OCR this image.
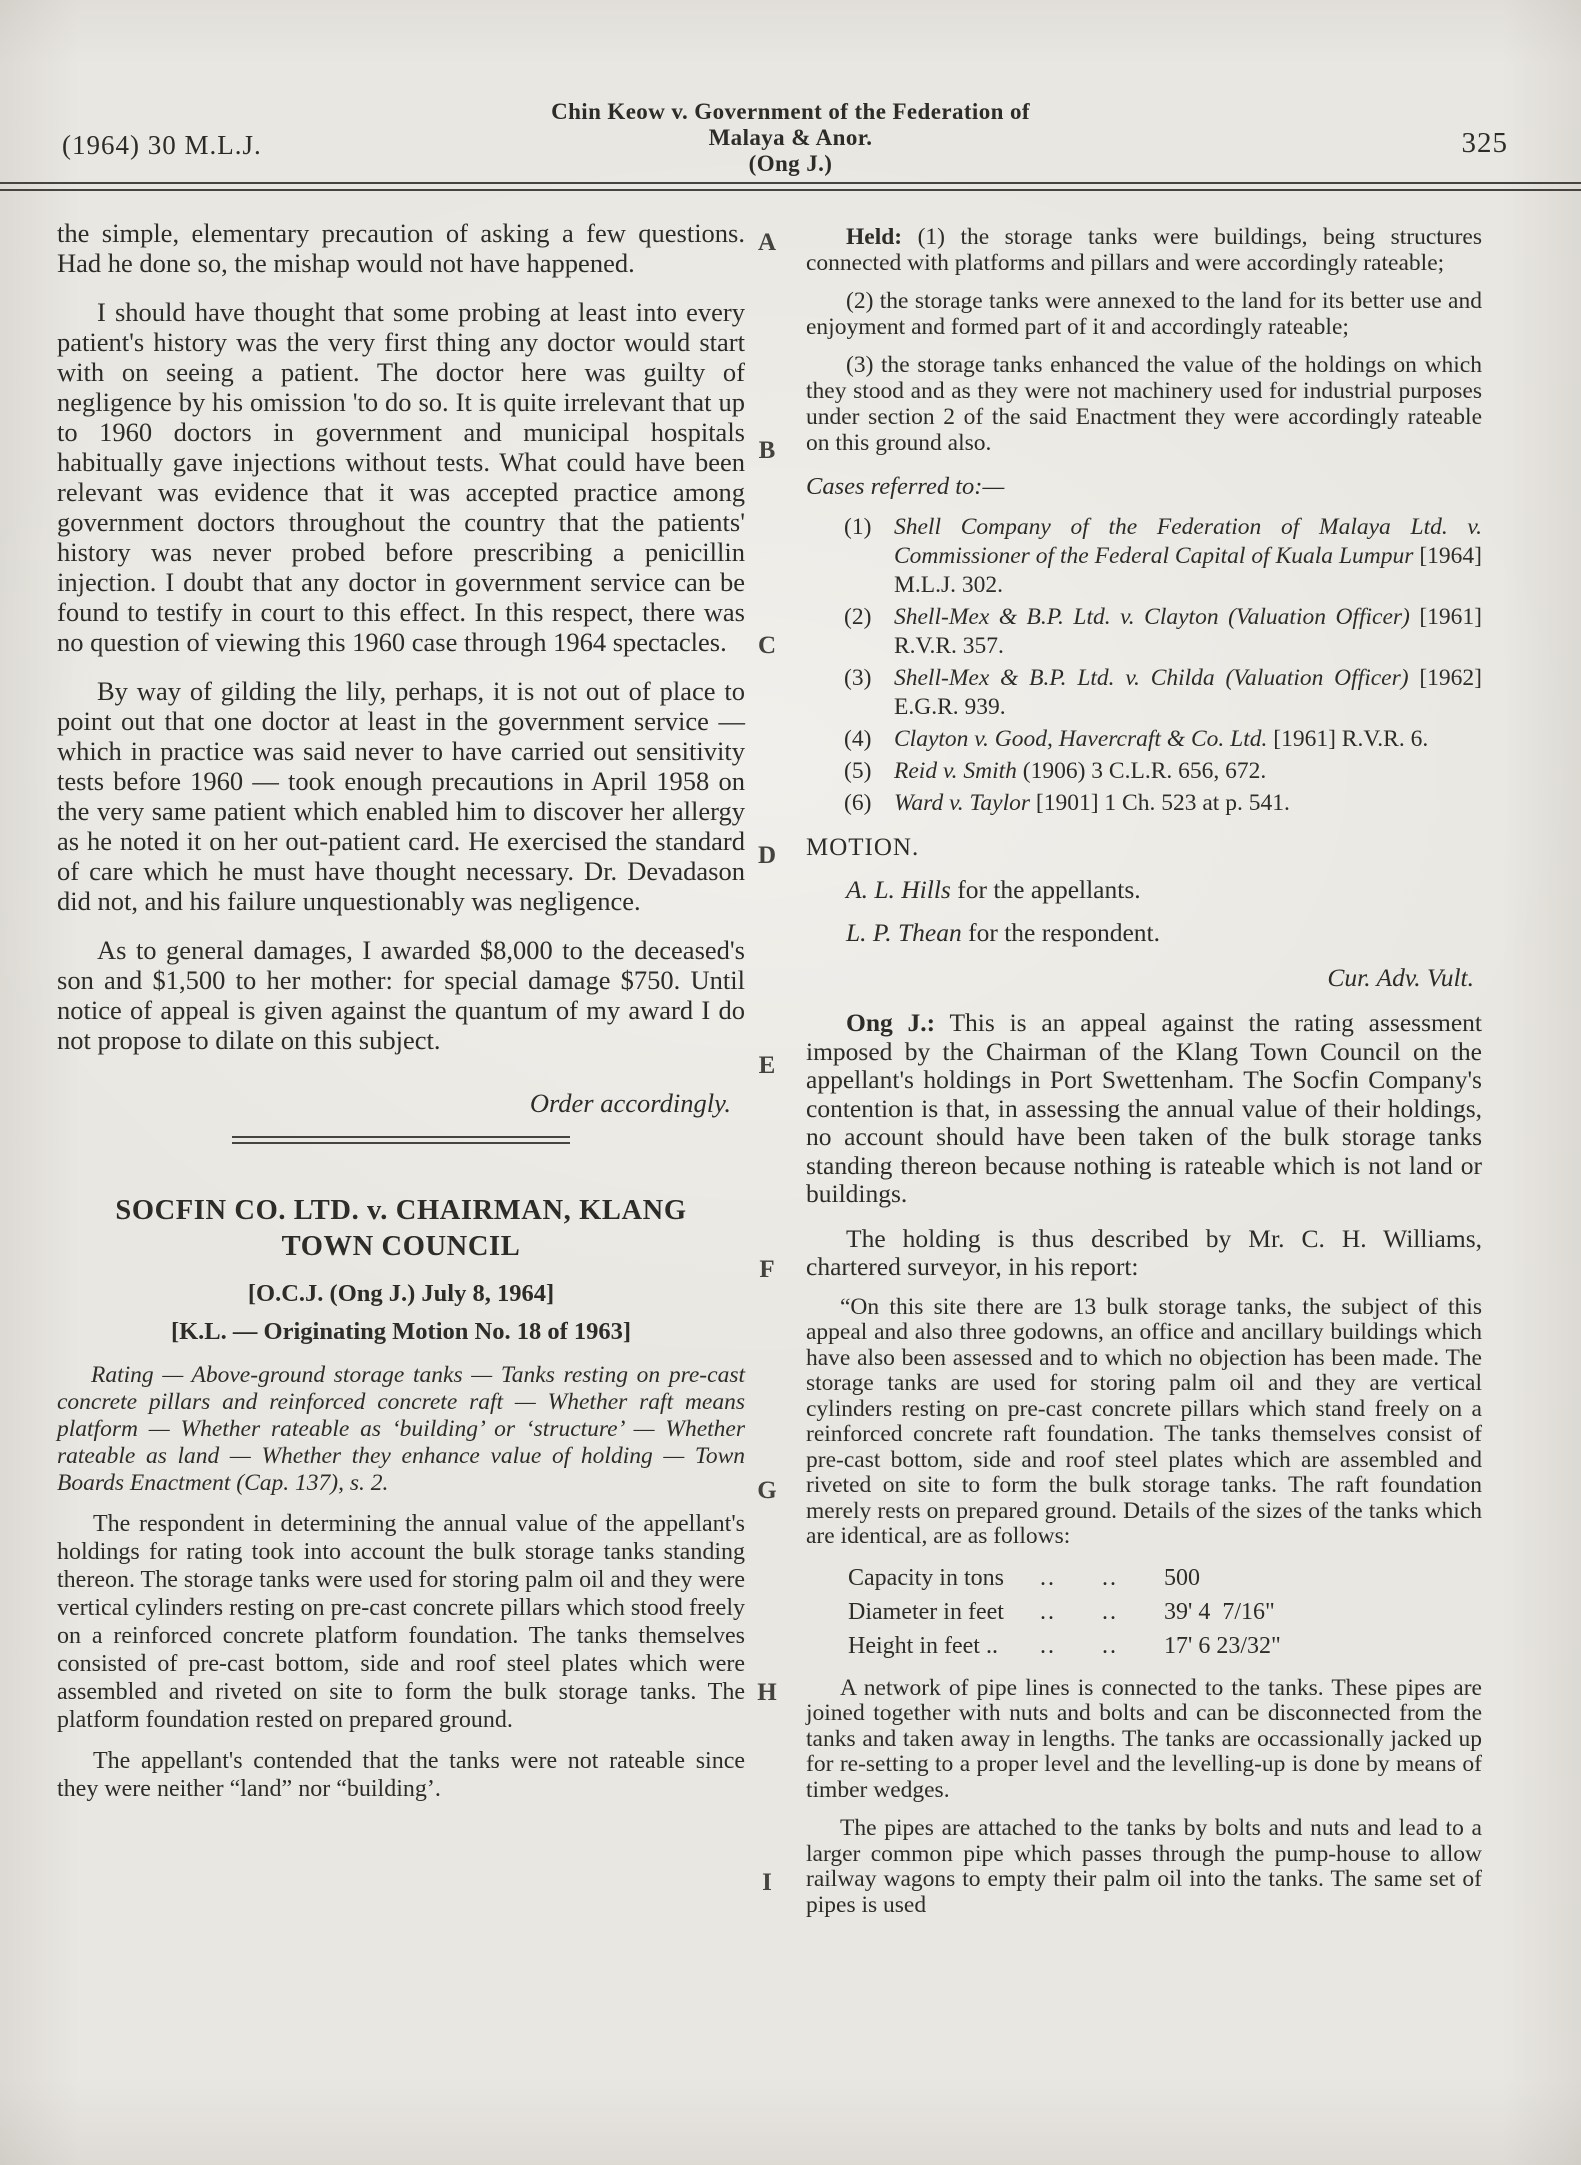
(1964) 30 M.L.J.
Chin Keow v. Government of the Federation of
Malaya & Anor.
(Ong J.)
325
A
B
C
D
E
F
G
H
I

the simple, elementary precaution of asking a few questions. Had he done so, the mishap would not have happened.

I should have thought that some probing at least into every patient's history was the very first thing any doctor would start with on seeing a patient. The doctor here was guilty of negligence by his omission 'to do so. It is quite irrelevant that up to 1960 doctors in government and municipal hospitals habitually gave injections without tests. What could have been relevant was evidence that it was accepted practice among government doctors throughout the country that the patients' history was never probed before prescribing a penicillin injection. I doubt that any doctor in government service can be found to testify in court to this effect. In this respect, there was no question of viewing this 1960 case through 1964 spectacles.

By way of gilding the lily, perhaps, it is not out of place to point out that one doctor at least in the government service — which in practice was said never to have carried out sensitivity tests before 1960 — took enough precautions in April 1958 on the very same patient which enabled him to discover her allergy as he noted it on her out-patient card. He exercised the standard of care which he must have thought necessary. Dr. Devadason did not, and his failure unquestionably was negligence.

As to general damages, I awarded $8,000 to the deceased's son and $1,500 to her mother: for special damage $750. Until notice of appeal is given against the quantum of my award I do not propose to dilate on this subject.

Order accordingly.

SOCFIN CO. LTD. v. CHAIRMAN, KLANG
TOWN COUNCIL

[O.C.J. (Ong J.) July 8, 1964]

[K.L. — Originating Motion No. 18 of 1963]

Rating — Above-ground storage tanks — Tanks resting on pre-cast concrete pillars and reinforced concrete raft — Whether raft means platform — Whether rateable as ‘building’ or ‘structure’ — Whether rateable as land — Whether they enhance value of holding — Town Boards Enactment (Cap. 137), s. 2.

The respondent in determining the annual value of the appellant's holdings for rating took into account the bulk storage tanks standing thereon. The storage tanks were used for storing palm oil and they were vertical cylinders resting on pre-cast concrete pillars which stood freely on a reinforced concrete platform foundation. The tanks themselves consisted of pre-cast bottom, side and roof steel plates which were assembled and riveted on site to form the bulk storage tanks. The platform foundation rested on prepared ground.

The appellant's contended that the tanks were not rateable since they were neither “land” nor “building’.

Held: (1) the storage tanks were buildings, being structures connected with platforms and pillars and were accordingly rateable;

(2) the storage tanks were annexed to the land for its better use and enjoyment and formed part of it and accordingly rateable;

(3) the storage tanks enhanced the value of the holdings on which they stood and as they were not machinery used for industrial purposes under section 2 of the said Enactment they were accordingly rateable on this ground also.

Cases referred to:—

(1) Shell Company of the Federation of Malaya Ltd. v. Commissioner of the Federal Capital of Kuala Lumpur [1964] M.L.J. 302.
(2) Shell-Mex & B.P. Ltd. v. Clayton (Valuation Officer) [1961] R.V.R. 357.
(3) Shell-Mex & B.P. Ltd. v. Childa (Valuation Officer) [1962] E.G.R. 939.
(4) Clayton v. Good, Havercraft & Co. Ltd. [1961] R.V.R. 6.
(5) Reid v. Smith (1906) 3 C.L.R. 656, 672.
(6) Ward v. Taylor [1901] 1 Ch. 523 at p. 541.

MOTION.

A. L. Hills for the appellants.

L. P. Thean for the respondent.

Cur. Adv. Vult.

Ong J.: This is an appeal against the rating assessment imposed by the Chairman of the Klang Town Council on the appellant's holdings in Port Swettenham. The Socfin Company's contention is that, in assessing the annual value of their holdings, no account should have been taken of the bulk storage tanks standing thereon because nothing is rateable which is not land or buildings.

The holding is thus described by Mr. C. H. Williams, chartered surveyor, in his report:

“On this site there are 13 bulk storage tanks, the subject of this appeal and also three godowns, an office and ancillary buildings which have also been assessed and to which no objection has been made. The storage tanks are used for storing palm oil and they are vertical cylinders resting on pre-cast concrete pillars which stand freely on a reinforced concrete raft foundation. The tanks themselves consist of pre-cast bottom, side and roof steel plates which are assembled and riveted on site to form the bulk storage tanks. The raft foundation merely rests on prepared ground. Details of the sizes of the tanks which are identical, are as follows:

Capacity in tons	..	..	500
Diameter in feet	..	..	39' 4  7/16"
Height in feet ..	..	..	17' 6 23/32"

A network of pipe lines is connected to the tanks. These pipes are joined together with nuts and bolts and can be disconnected from the tanks and taken away in lengths. The tanks are occassionally jacked up for re-setting to a proper level and the levelling-up is done by means of timber wedges.

The pipes are attached to the tanks by bolts and nuts and lead to a larger common pipe which passes through the pump-house to allow railway wagons to empty their palm oil into the tanks. The same set of pipes is used
